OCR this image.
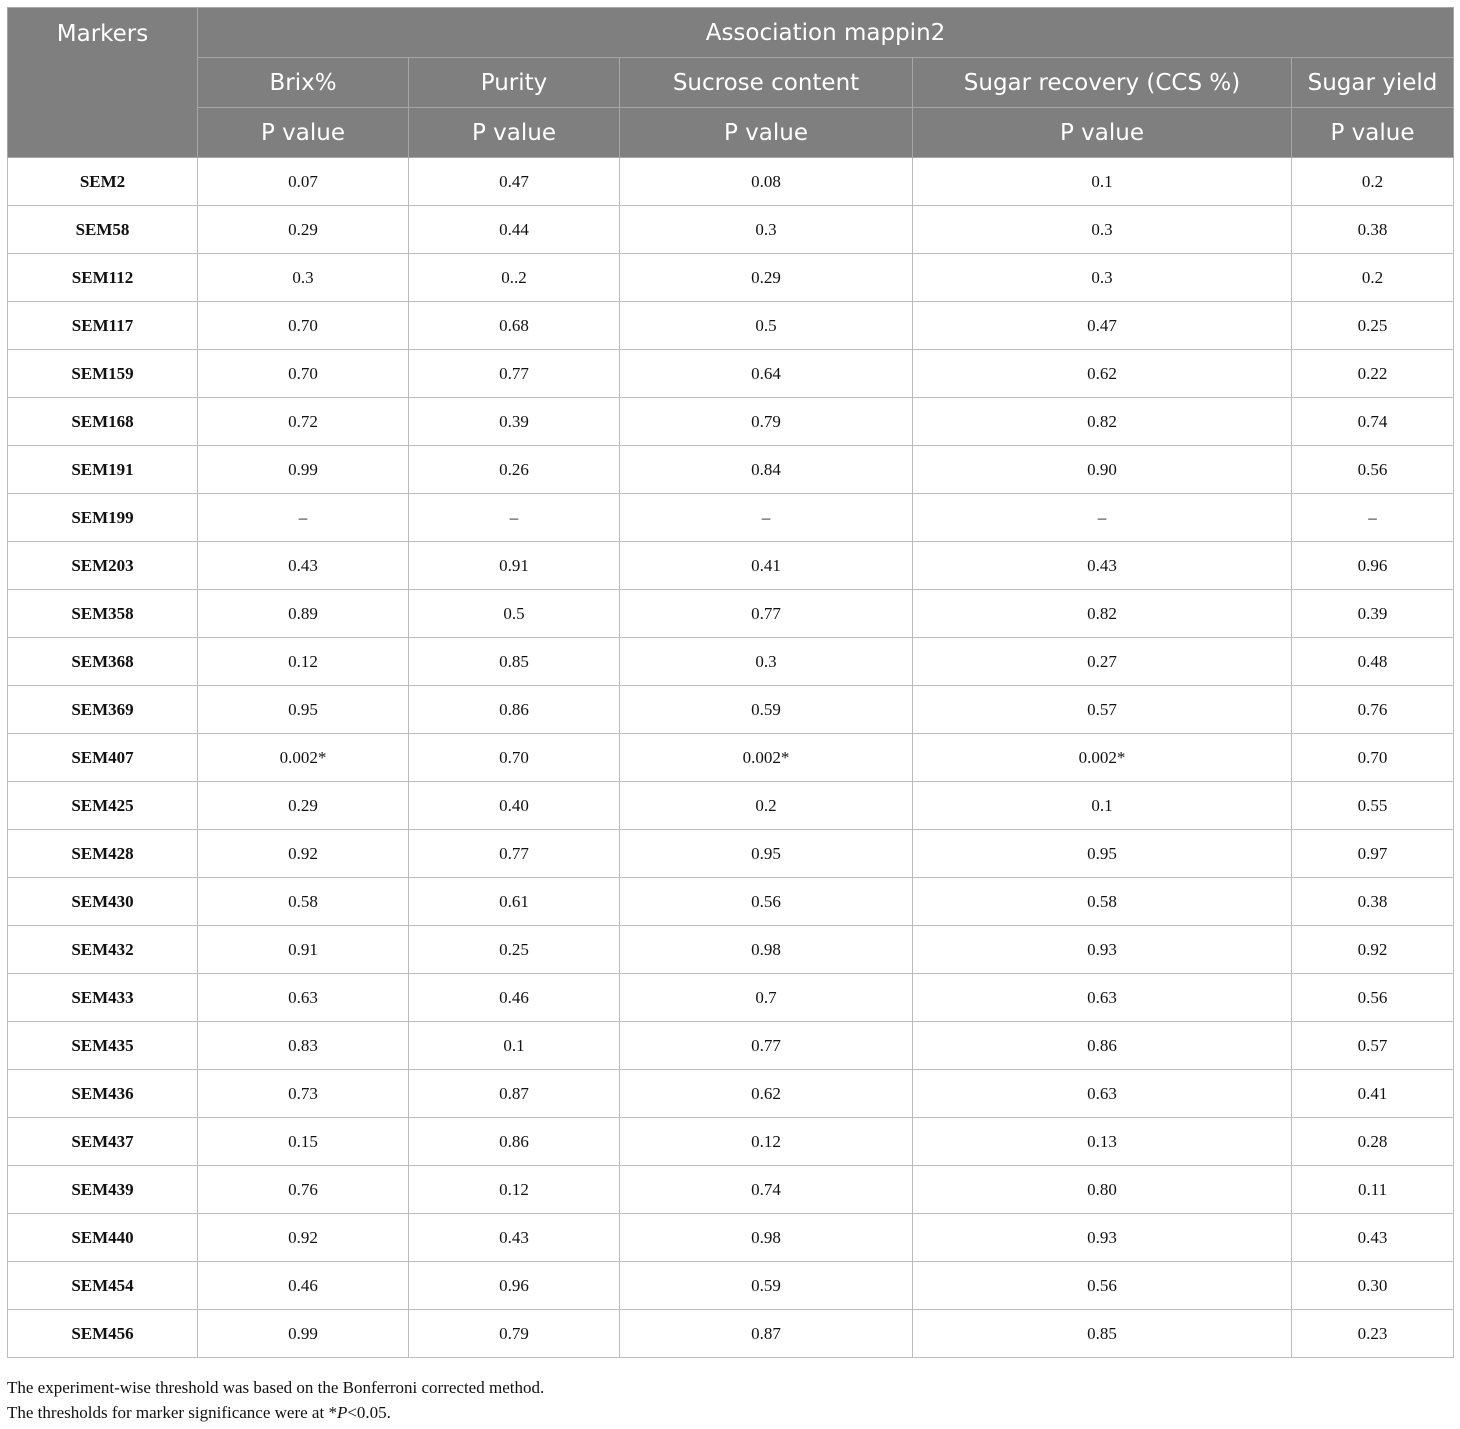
Markers	Association mappin2				
	Brix%	Purity	Sucrose content	Sugar recovery (CCS %)	Sugar yield
	P value	P value	P value	P value	P value
SEM2	0.07	0.47	0.08	0.1	0.2
SEM58	0.29	0.44	0.3	0.3	0.38
SEM112	0.3	0..2	0.29	0.3	0.2
SEM117	0.70	0.68	0.5	0.47	0.25
SEM159	0.70	0.77	0.64	0.62	0.22
SEM168	0.72	0.39	0.79	0.82	0.74
SEM191	0.99	0.26	0.84	0.90	0.56
SEM199	–	–	–	–	–
SEM203	0.43	0.91	0.41	0.43	0.96
SEM358	0.89	0.5	0.77	0.82	0.39
SEM368	0.12	0.85	0.3	0.27	0.48
SEM369	0.95	0.86	0.59	0.57	0.76
SEM407	0.002*	0.70	0.002*	0.002*	0.70
SEM425	0.29	0.40	0.2	0.1	0.55
SEM428	0.92	0.77	0.95	0.95	0.97
SEM430	0.58	0.61	0.56	0.58	0.38
SEM432	0.91	0.25	0.98	0.93	0.92
SEM433	0.63	0.46	0.7	0.63	0.56
SEM435	0.83	0.1	0.77	0.86	0.57
SEM436	0.73	0.87	0.62	0.63	0.41
SEM437	0.15	0.86	0.12	0.13	0.28
SEM439	0.76	0.12	0.74	0.80	0.11
SEM440	0.92	0.43	0.98	0.93	0.43
SEM454	0.46	0.96	0.59	0.56	0.30
SEM456	0.99	0.79	0.87	0.85	0.23
The experiment-wise threshold was based on the Bonferroni corrected method.
The thresholds for marker significance were at *P<0.05.
